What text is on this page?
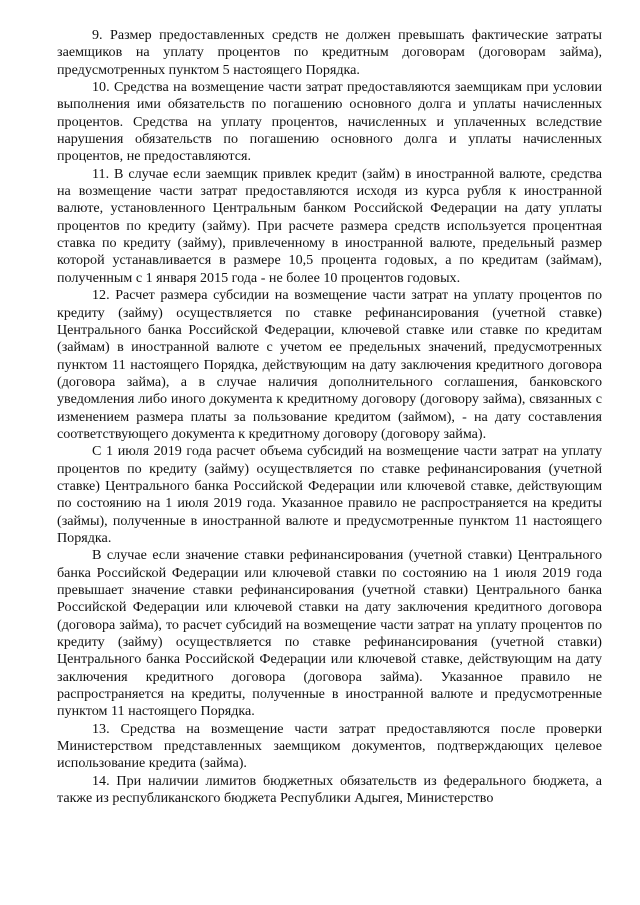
9. Размер предоставленных средств не должен превышать фактические затраты заемщиков на уплату процентов по кредитным договорам (договорам займа), предусмотренных пунктом 5 настоящего Порядка.

10. Средства на возмещение части затрат предоставляются заемщикам при условии выполнения ими обязательств по погашению основного долга и уплаты начисленных процентов. Средства на уплату процентов, начисленных и уплаченных вследствие нарушения обязательств по погашению основного долга и уплаты начисленных процентов, не предоставляются.

11. В случае если заемщик привлек кредит (займ) в иностранной валюте, средства на возмещение части затрат предоставляются исходя из курса рубля к иностранной валюте, установленного Центральным банком Российской Федерации на дату уплаты процентов по кредиту (займу). При расчете размера средств используется процентная ставка по кредиту (займу), привлеченному в иностранной валюте, предельный размер которой устанавливается в размере 10,5 процента годовых, а по кредитам (займам), полученным с 1 января 2015 года - не более 10 процентов годовых.

12. Расчет размера субсидии на возмещение части затрат на уплату процентов по кредиту (займу) осуществляется по ставке рефинансирования (учетной ставке) Центрального банка Российской Федерации, ключевой ставке или ставке по кредитам (займам) в иностранной валюте с учетом ее предельных значений, предусмотренных пунктом 11 настоящего Порядка, действующим на дату заключения кредитного договора (договора займа), а в случае наличия дополнительного соглашения, банковского уведомления либо иного документа к кредитному договору (договору займа), связанных с изменением размера платы за пользование кредитом (займом), - на дату составления соответствующего документа к кредитному договору (договору займа).

С 1 июля 2019 года расчет объема субсидий на возмещение части затрат на уплату процентов по кредиту (займу) осуществляется по ставке рефинансирования (учетной ставке) Центрального банка Российской Федерации или ключевой ставке, действующим по состоянию на 1 июля 2019 года. Указанное правило не распространяется на кредиты (займы), полученные в иностранной валюте и предусмотренные пунктом 11 настоящего Порядка.

В случае если значение ставки рефинансирования (учетной ставки) Центрального банка Российской Федерации или ключевой ставки по состоянию на 1 июля 2019 года превышает значение ставки рефинансирования (учетной ставки) Центрального банка Российской Федерации или ключевой ставки на дату заключения кредитного договора (договора займа), то расчет субсидий на возмещение части затрат на уплату процентов по кредиту (займу) осуществляется по ставке рефинансирования (учетной ставки) Центрального банка Российской Федерации или ключевой ставке, действующим на дату заключения кредитного договора (договора займа). Указанное правило не распространяется на кредиты, полученные в иностранной валюте и предусмотренные пунктом 11 настоящего Порядка.

13. Средства на возмещение части затрат предоставляются после проверки Министерством представленных заемщиком документов, подтверждающих целевое использование кредита (займа).

14. При наличии лимитов бюджетных обязательств из федерального бюджета, а также из республиканского бюджета Республики Адыгея, Министерство
